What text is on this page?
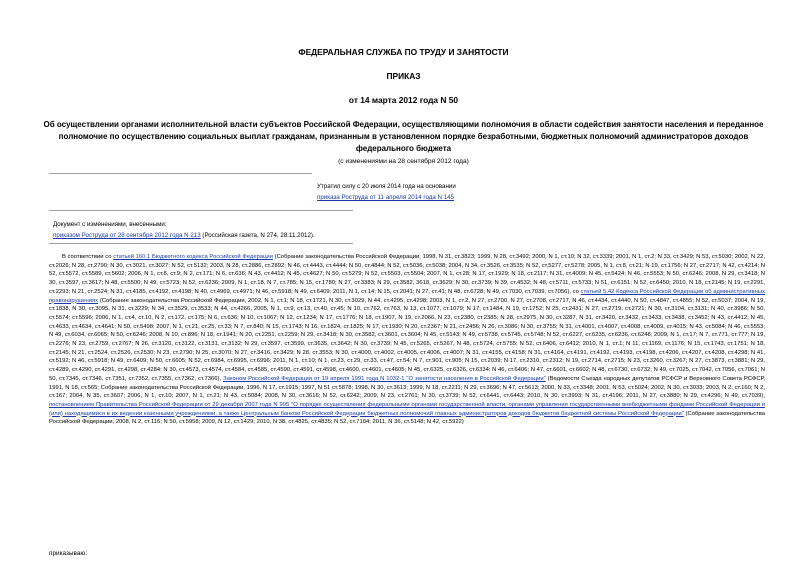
ФЕДЕРАЛЬНАЯ СЛУЖБА ПО ТРУДУ И ЗАНЯТОСТИ
ПРИКАЗ
от 14 марта 2012 года N 50
Об осуществлении органами исполнительной власти субъектов Российской Федерации, осуществляющими полномочия в области содействия занятости населения и переданное полномочие по осуществлению социальных выплат гражданам, признанным в установленном порядке безработными, бюджетных полномочий администраторов доходов федерального бюджета
(с изменениями на 28 сентября 2012 года)
Утратил силу с 20 июля 2014 года на основании
приказа Роструда от 11 апреля 2014 года N 145
Документ с изменениями, внесенными:
приказом Роструда от 28 сентября 2012 года N 213 (Российская газета, N 274, 28.11.2012).

В соответствии со статьей 160.1 Бюджетного кодекса Российской Федерации (Собрание законодательства Российской Федерации, 1998, N 31, ст.3823; 1999, N 28, ст.3492; 2000, N 1, ст.10; N 32, ст.3339; 2001, N 1, ст.2; N 33, ст.3429; N 53, ст.5030; 2002, N 22, ст.2026; N 28, ст.2790; N 30, ст.3021, ст.3027; N 52, ст.5132; 2003, N 28, ст.2886, ст.2892; N 46, ст.4443, ст.4444; N 50, ст.4844; N 52, ст.5036, ст.5038; 2004, N 34, ст.3526, ст.3535; N 52, ст.5277, ст.5278; 2005, N 1, ст.8, ст.21; N 19, ст.1756; N 27, ст.2717; N 42, ст.4214; N 52, ст.5572, ст.5589, ст.5602; 2006, N 1, ст.8, ст.9; N 2, ст.171; N 6, ст.636; N 43, ст.4412; N 45, ст.4627; N 50, ст.5279; N 52, ст.5503, ст.5504; 2007, N 1, ст.28; N 17, ст.1929; N 18, ст.2117; N 31, ст.4009; N 45, ст.5424; N 46, ст.5553; N 50, ст.6246; 2008, N 29, ст.3418; N 30, ст.3597, ст.3617; N 48, ст.5500; N 49, ст.5723; N 52, ст.6236; 2009, N 1, ст.18, N 7, ст.785; N 15, ст.1780; N 27, ст.3383; N 29, ст.3582, 3618, ст.3629; N 30, ст.3739; N 39, ст.4532; N 48, ст.5711, ст.5733; N 51, ст.6151; N 52, ст.6450; 2010, N 18, ст.2145; N 19, ст.2291, ст.2293; N 21, ст.2524; N 31, ст.4185, ст.4192, ст.4198; N 40, ст.4969, ст.4971; N 46, ст.5918; N 49, ст.6409; 2011, N 1, ст.14; N 15, ст.2041; N 27, ст.41; N 48, ст.6728; N 49, ст.7030, ст.7039, ст.7056), со статьей 5.42 Кодекса Российской Федерации об административных правонарушениях (Собрание законодательства Российской Федерации, 2002, N 1, ст.1; N 18, ст.1721, N 30, ст.3029, N 44, ст.4295, ст.4298; 2003, N 1, ст.2, N 27, ст.2700, N 27, ст.2708, ст.2717, N 46, ст.4434, ст.4440, N 50, ст.4847, ст.4855; N 52, ст.5037; 2004, N 19, ст.1838, N 30, ст.3095, N 31, ст.3229; N 34, ст.3529, ст.3533; N 44, ст.4266, 2005, N 1, ст.9, ст.13, ст.40, ст.45; N 10, ст.762, ст.763, N 13, ст.1077, ст.1079; N 17, ст.1484, N 19, ст.1752; N 25, ст.2431; N 27, ст.2719, ст.2721; N 30, ст.3104, ст.3131; N 40, ст.3986; N 50, ст.5574; ст.5596; 2006, N 1, ст.4, ст.10, N 2, ст.172, ст.175; N 6, ст.636; N 10, ст.1067; N 12, ст.1234; N 17, ст.1776; N 18, ст.1907, N 19, ст.2066, N 23, ст.2380, ст.2385; N 28, ст.2975, N 30, ст.3287, N 31, ст.3420, ст.3432, ст.3433, ст.3438, ст.3452; N 43, ст.4412; N 45, ст.4633, ст.4634, ст.4641; N 50, ст.5498; 2007, N 1, ст.21, ст.25, ст.33; N 7, ст.840; N 15, ст.1743; N 16, ст.1824, ст.1825; N 17, ст.1930; N 20, ст.2367; N 21, ст.2456; N 26, ст.3086; N 30, ст.3755; N 31, ст.4001, ст.4007, ст.4008, ст.4009, ст.4015; N 43, ст.5084; N 46, ст.5553; N 49, ст.6034, ст.6065; N 50, ст.6246; 2008, N 10, ст.896; N 18, ст.1941; N 20, ст.2251, ст.2259; N 29, ст.3418; N 30, ст.3582, ст.3601, ст.3604; N 45, ст.5143; N 49, ст.5738, ст.5745, ст.5748; N 52, ст.6227, ст.6235, ст.6236, ст.6248; 2009, N 1, ст.17; N 7, ст.771, ст.777; N 19, ст.2276; N 23, ст.2759, ст.2767; N 26, ст.3120, ст.3122, ст.3131, ст.3132; N 29, ст.3597, ст.3599, ст.3635, ст.3642; N 30, ст.3739; N 45, ст.5265, ст.5267, N 48, ст.5724, ст.5755; N 52, ст.6406, ст.6412; 2010, N 1, ст.1; N 11, ст.1169, ст.1176; N 15, ст.1743, ст.1751; N 18, ст.2145; N 21, ст.2524, ст.2526, ст.2530; N 23, ст.2790; N 25, ст.3070; N 27, ст.3416, ст.3429; N 28, ст.3553; N 30, ст.4000, ст.4002, ст.4005, ст.4006, ст.4007; N 31, ст.4155, ст.4158; N 31, ст.4164, ст.4191, ст.4192, ст.4193, ст.4198, ст.4206, ст.4207, ст.4208, ст.4298; N 41, ст.5192; N 46, ст.5918; N 49, ст.6409; N 50, ст.6605; N 52, ст.6984, ст.6995, ст.6996; 2011, N 1, ст.10; N 1, ст.23, ст.29, ст.33, ст.47, ст.54; N 7, ст.901, ст.905; N 15, ст.2039; N 17, ст.2310, ст.2312; N 19, ст.2714, ст.2715; N 23, ст.3260, ст.3267; N 27, ст.3873, ст.3881; N 29, ст.4289, ст.4290, ст.4291, ст.4298, ст.4284; N 30, ст.4573, ст.4574, ст.4584, ст.4585, ст.4590, ст.4591, ст.4598, ст.4600, ст.4601, ст.4605; N 45, ст.6325, ст.6326, ст.6334; N 46, ст.6406; N 47, ст.6601, ст.6602; N 48, ст.6730, ст.6732; N 49, ст.7025, ст.7042, ст.7056, ст.7061; N 50, ст.7345, ст.7346, ст.7351, ст.7352, ст.7355, ст.7362, ст.7366), Законом Российской Федерации от 19 апреля 1991 года N 1032-1 "О занятости населения в Российской Федерации" (Ведомости Съезда народных депутатов РСФСР и Верховного Совета РСФСР, 1991, N 18, ст.565; Собрание законодательства Российской Федерации, 1996, N 17, ст.1915; 1997, N 51 ст.5878; 1998, N 30, ст.3613; 1999, N 18, ст.2211; N 29, ст.3696; N 47, ст.5613; 2000, N 33, ст.3348; 2001, N 53, ст.5024; 2002, N 30, ст.3033; 2003, N 2, ст.160; N 2, ст.167; 2004, N 35, ст.3607; 2006, N 1, ст.10; 2007, N 1, ст.21; N 43, ст.5084; 2008, N 30, ст.3616; N 52, ст.6242; 2009, N 23, ст.2761; N 30, ст.3739; N 52, ст.6441, ст.6443; 2010, N 30, ст.3993; N 31, ст.4196; 2011, N 27, ст.3880; N 29, ст.4296; N 49, ст.7039), постановлением Правительства Российской Федерации от 29 декабря 2007 года N 995 "О порядке осуществления федеральными органами государственной власти, органами управления государственными внебюджетными фондами Российской Федерации и (или) находящимися в их ведении казенными учреждениями, а также Центральным банком Российской Федерации бюджетных полномочий главных администраторов доходов бюджетов бюджетной системы Российской Федерации" (Собрание законодательства Российской Федерации, 2008, N 2, ст.116; N 50, ст.5958; 2009, N 12, ст.1429; 2010, N 38, ст.4825, ст.4835; N 52, ст.7104; 2011, N 36, ст.5148; N 42, ст.5922)

приказываю:
